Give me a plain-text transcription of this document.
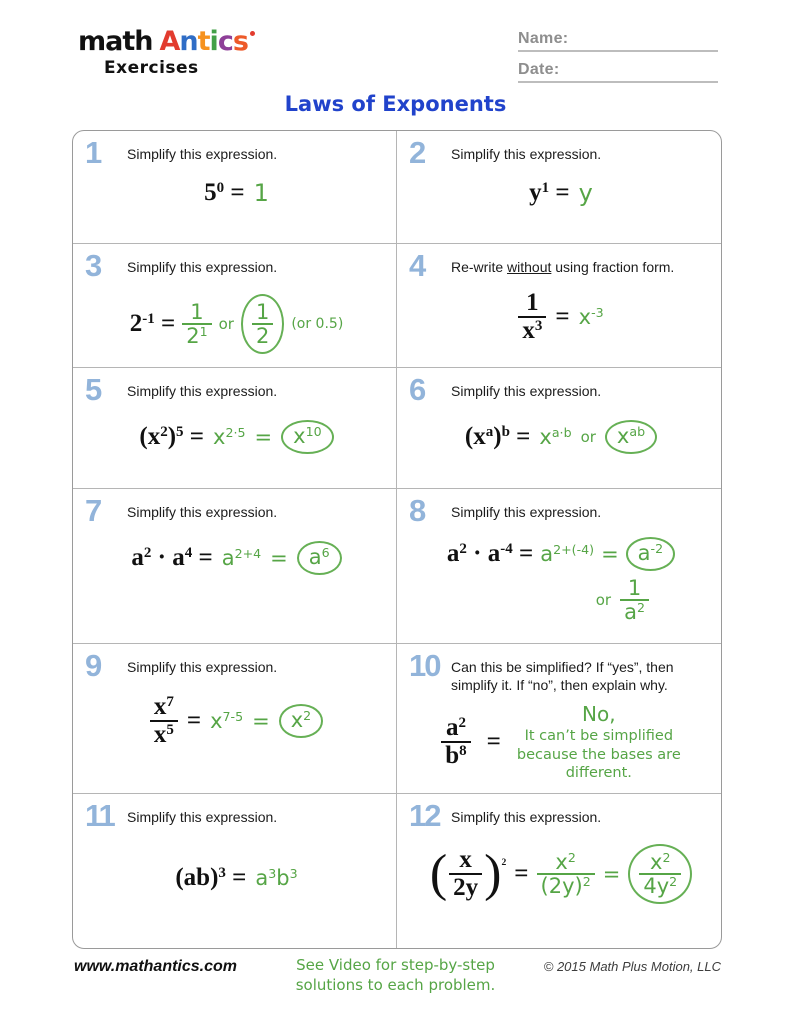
math Antics
Exercises
Name:
Date:
Laws of Exponents
1	Simplify this expression.
$5^0 = 1$
2	Simplify this expression.
$y^1 = y$
3	Simplify this expression.
$2^{-1} = \frac{1}{2^1}$ or $\frac{1}{2} (or$ 0.5)
4	Re-write without using fraction form.
$\frac{1}{x^3} = x^{-3}$
5	Simplify this expression.
$(x^2)^5 = x^{2\cdot 5} = x^{10}$
6	Simplify this expression.
$(x^a)^b = x^{a\cdot b}$ or $x^{ab}$
7	Simplify this expression.
$a^2 \cdot a^4 = a^{2+4} = a^6$
8	Simplify this expression.
$a^2 \cdot a^{-4} = a^{2+(-4)} = a^{-2}$
or $\frac{1}{a^2}$
9	Simplify this expression.
$\frac{x^7}{x^5} = x^{7-5} = x^2$
10 Can this be simplified? If “yes”, then
simplify it. If “no”, then explain why.
$\frac{a^2}{b^8}$ =
No,
It can’t be simplified
because the bases are
different.
11 Simplify this expression.
$(ab)^3 = a^3b^3$
12 Simplify this expression.
( $\frac{x}{2y}$ ) $2 = \frac{x^2}{(2y)^2} = \frac{x^2}{4y^2}$
www.mathantics.com	See Video for step-by-step
solutions to each problem.
© 2015 Math Plus Motion, LLC
